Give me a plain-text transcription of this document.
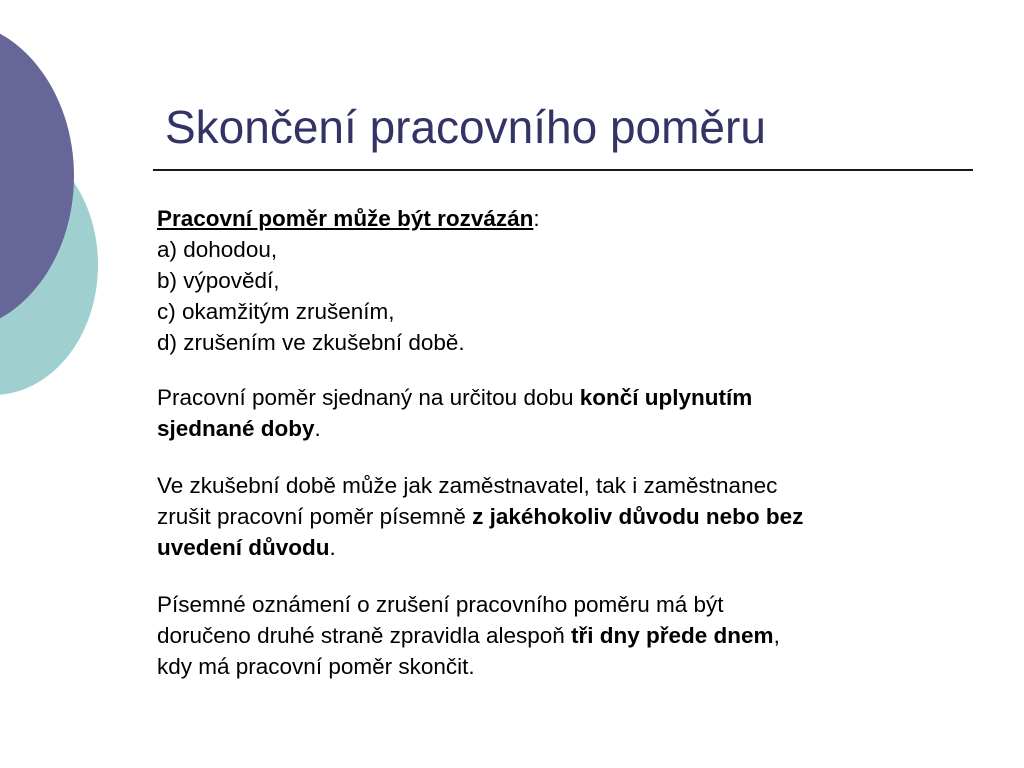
Skončení pracovního poměru
Pracovní poměr může být rozvázán:
a) dohodou,
b) výpovědí,
c) okamžitým zrušením,
d) zrušením ve zkušební době.
Pracovní poměr sjednaný na určitou dobu končí uplynutím
sjednané doby.
Ve zkušební době může jak zaměstnavatel, tak i zaměstnanec
zrušit pracovní poměr písemně z jakéhokoliv důvodu nebo bez
uvedení důvodu.
Písemné oznámení o zrušení pracovního poměru má být
doručeno druhé straně zpravidla alespoň tři dny přede dnem,
kdy má pracovní poměr skončit.
